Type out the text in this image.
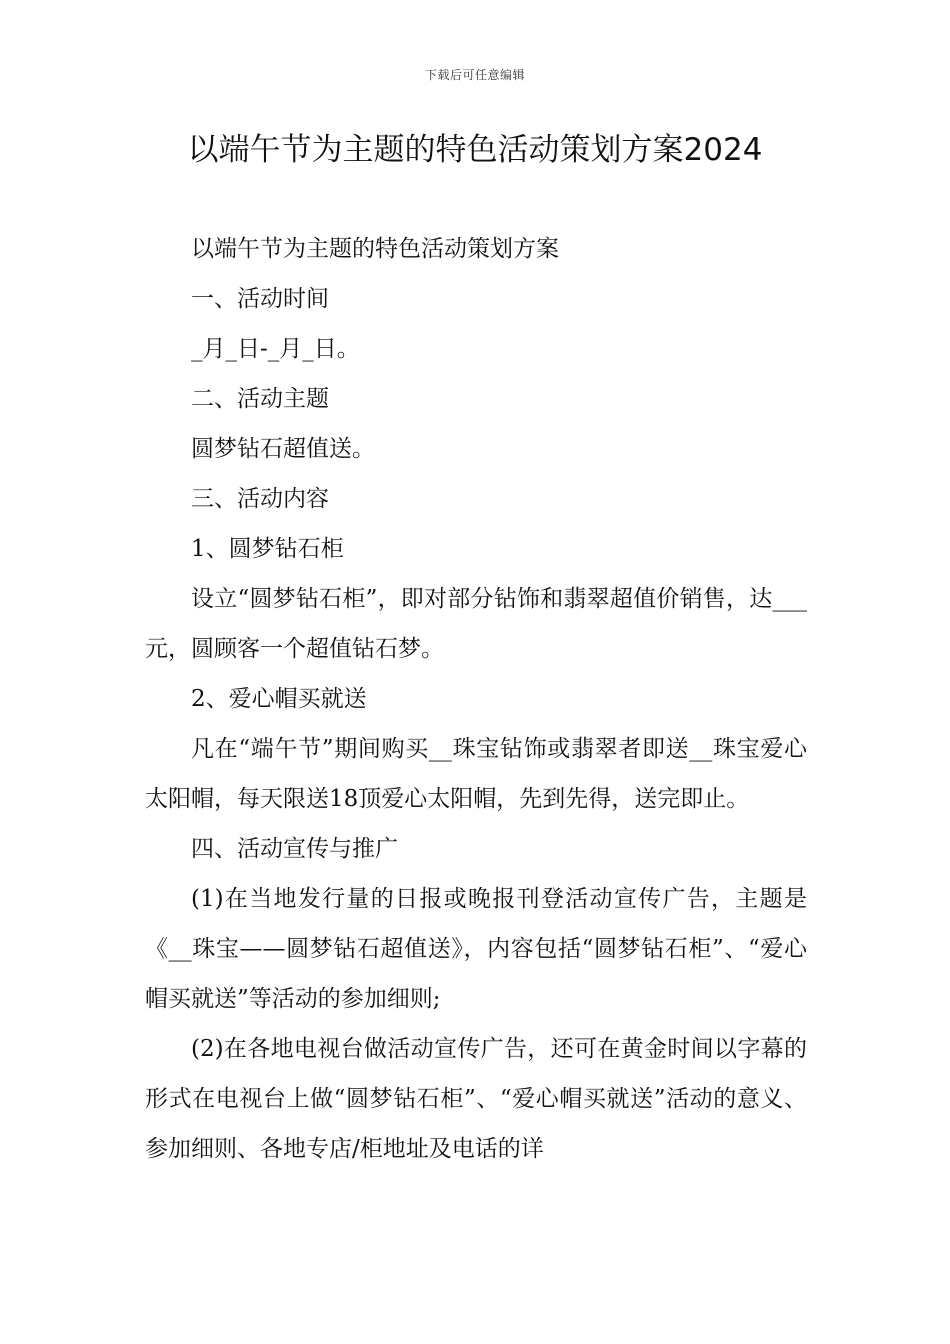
下载后可任意编辑
以端午节为主题的特色活动策划方案2024

以端午节为主题的特色活动策划方案

一、活动时间

_月_日-_月_日。

二、活动主题

圆梦钻石超值送。

三、活动内容

1、圆梦钻石柜

设立“圆梦钻石柜”，即对部分钻饰和翡翠超值价销售，达___元，圆顾客一个超值钻石梦。

2、爱心帽买就送

凡在“端午节”期间购买__珠宝钻饰或翡翠者即送__珠宝爱心太阳帽，每天限送18顶爱心太阳帽，先到先得，送完即止。

四、活动宣传与推广

(1)在当地发行量的日报或晚报刊登活动宣传广告，主题是《__珠宝——圆梦钻石超值送》，内容包括“圆梦钻石柜”、“爱心帽买就送”等活动的参加细则;

(2)在各地电视台做活动宣传广告，还可在黄金时间以字幕的形式在电视台上做“圆梦钻石柜”、“爱心帽买就送”活动的意义、参加细则、各地专店/柜地址及电话的详
